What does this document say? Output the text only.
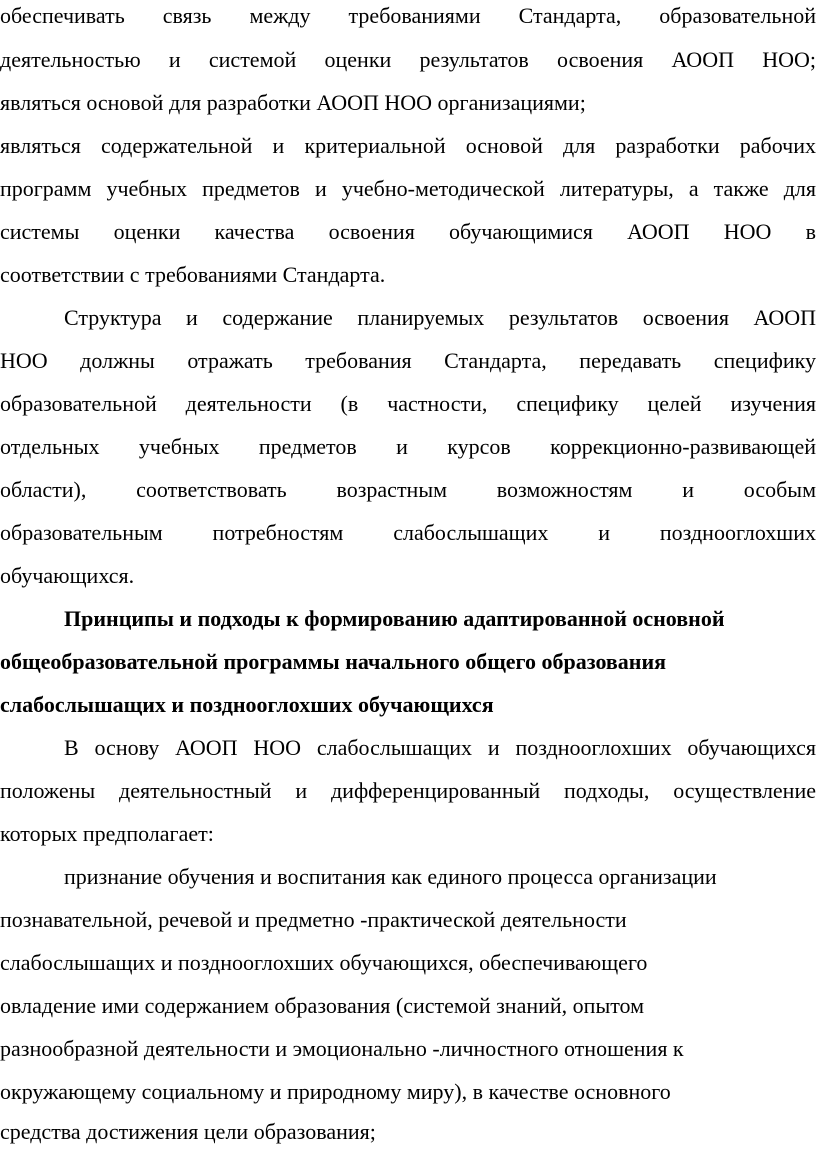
обеспечивать связь между требованиями Стандарта, образовательной
деятельностью и системой оценки результатов освоения АООП НОО;
являться основой для разработки АООП НОО организациями;
являться содержательной и критериальной основой для разработки рабочих
программ учебных предметов и учебно-методической литературы, а также для
системы оценки качества освоения обучающимися АООП НОО в
соответствии с требованиями Стандарта.
Структура и содержание планируемых результатов освоения АООП
НОО должны отражать требования Стандарта, передавать специфику
образовательной деятельности (в частности, специфику целей изучения
отдельных учебных предметов и курсов коррекционно-развивающей
области), соответствовать возрастным возможностям и особым
образовательным потребностям слабослышащих и позднооглохших
обучающихся.
Принципы и подходы к формированию адаптированной основной
общеобразовательной программы начального общего образования
слабослышащих и позднооглохших обучающихся
В основу АООП НОО слабослышащих и позднооглохших обучающихся
положены деятельностный и дифференцированный подходы, осуществление
которых предполагает:
признание обучения и воспитания как единого процесса организации
познавательной, речевой и предметно -практической деятельности
слабослышащих и позднооглохших обучающихся, обеспечивающего
овладение ими содержанием образования (системой знаний, опытом
разнообразной деятельности и эмоционально -личностного отношения к
окружающему социальному и природному миру), в качестве основного
средства достижения цели образования;
